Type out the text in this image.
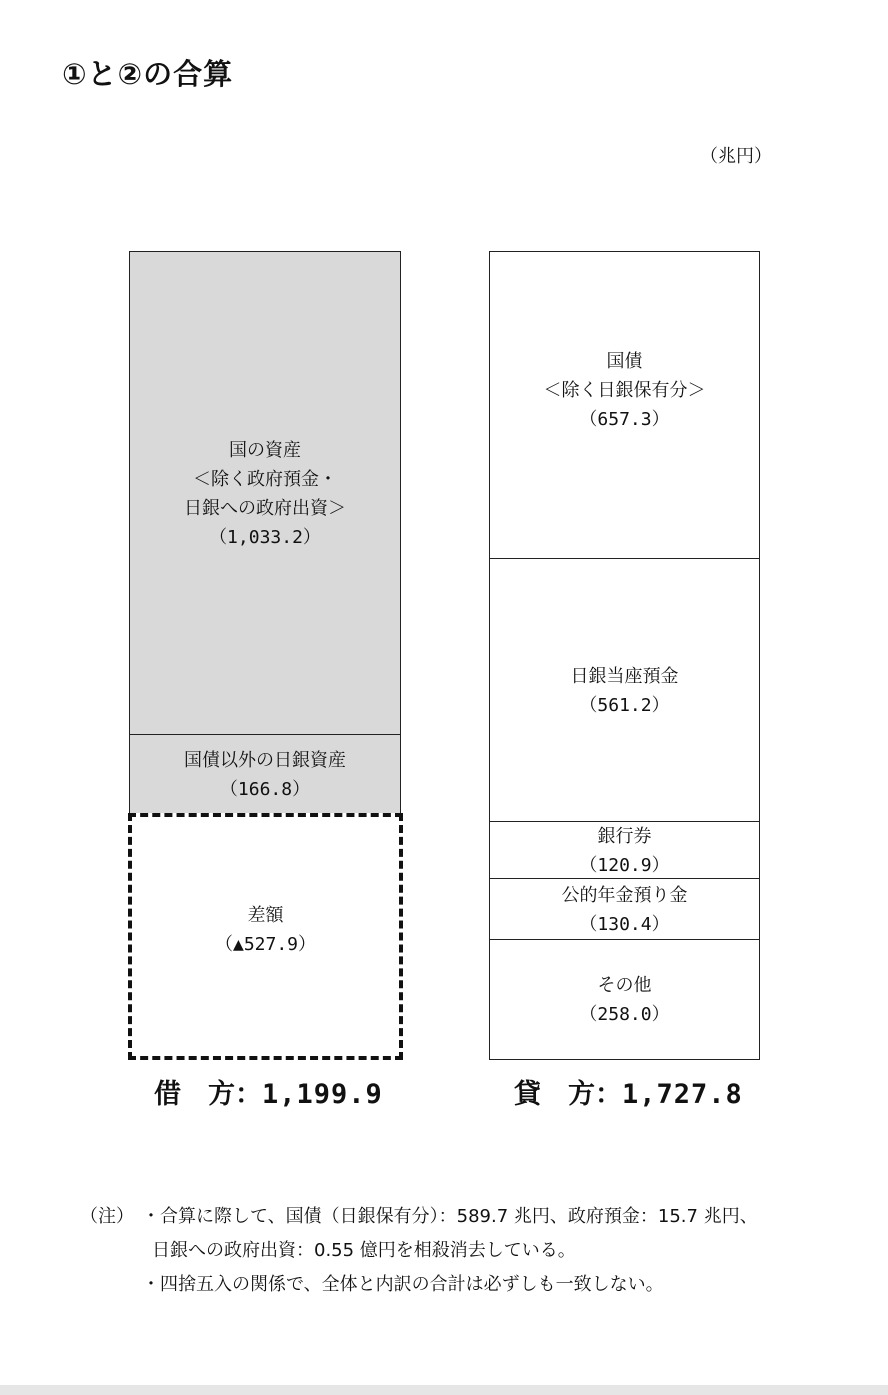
①と②の合算
（兆円）
国の資産
＜除く政府預金・
日銀への政府出資＞
（1,033.2）
国債以外の日銀資産
（166.8）
差額
（▲527.9）
国債
＜除く日銀保有分＞
（657.3）
日銀当座預金
（561.2）
銀行券
（120.9）
公的年金預り金
（130.4）
その他
（258.0）
借　方：1,199.9	貸　方：1,727.8
（注） ・合算に際して、国債（日銀保有分）：589.7 兆円、政府預金：15.7 兆円、
日銀への政府出資：0.55 億円を相殺消去している。
・四捨五入の関係で、全体と内訳の合計は必ずしも一致しない。
